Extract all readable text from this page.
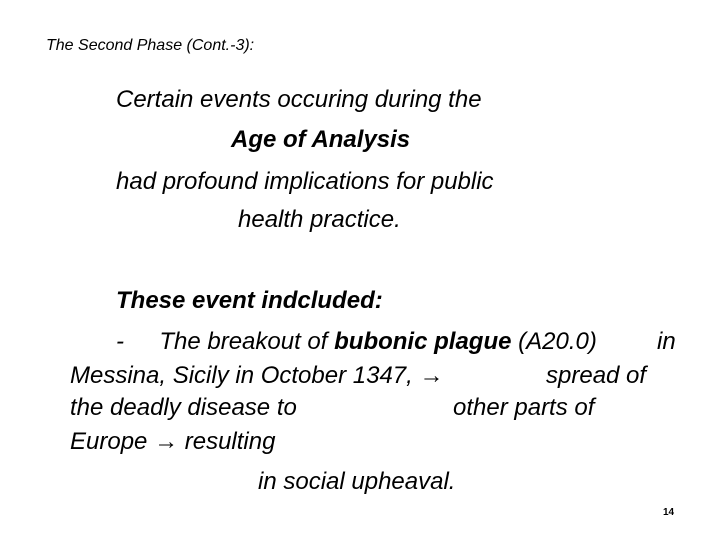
The Second Phase (Cont.-3):
Certain events occuring during the
Age of Analysis
had profound implications for public
health practice.
These event indcluded:
- The breakout of bubonic plague (A20.0)	in
Messina, Sicily in October 1347, →	spread of
the deadly disease to	other parts of
Europe → resulting
in social upheaval.
14
